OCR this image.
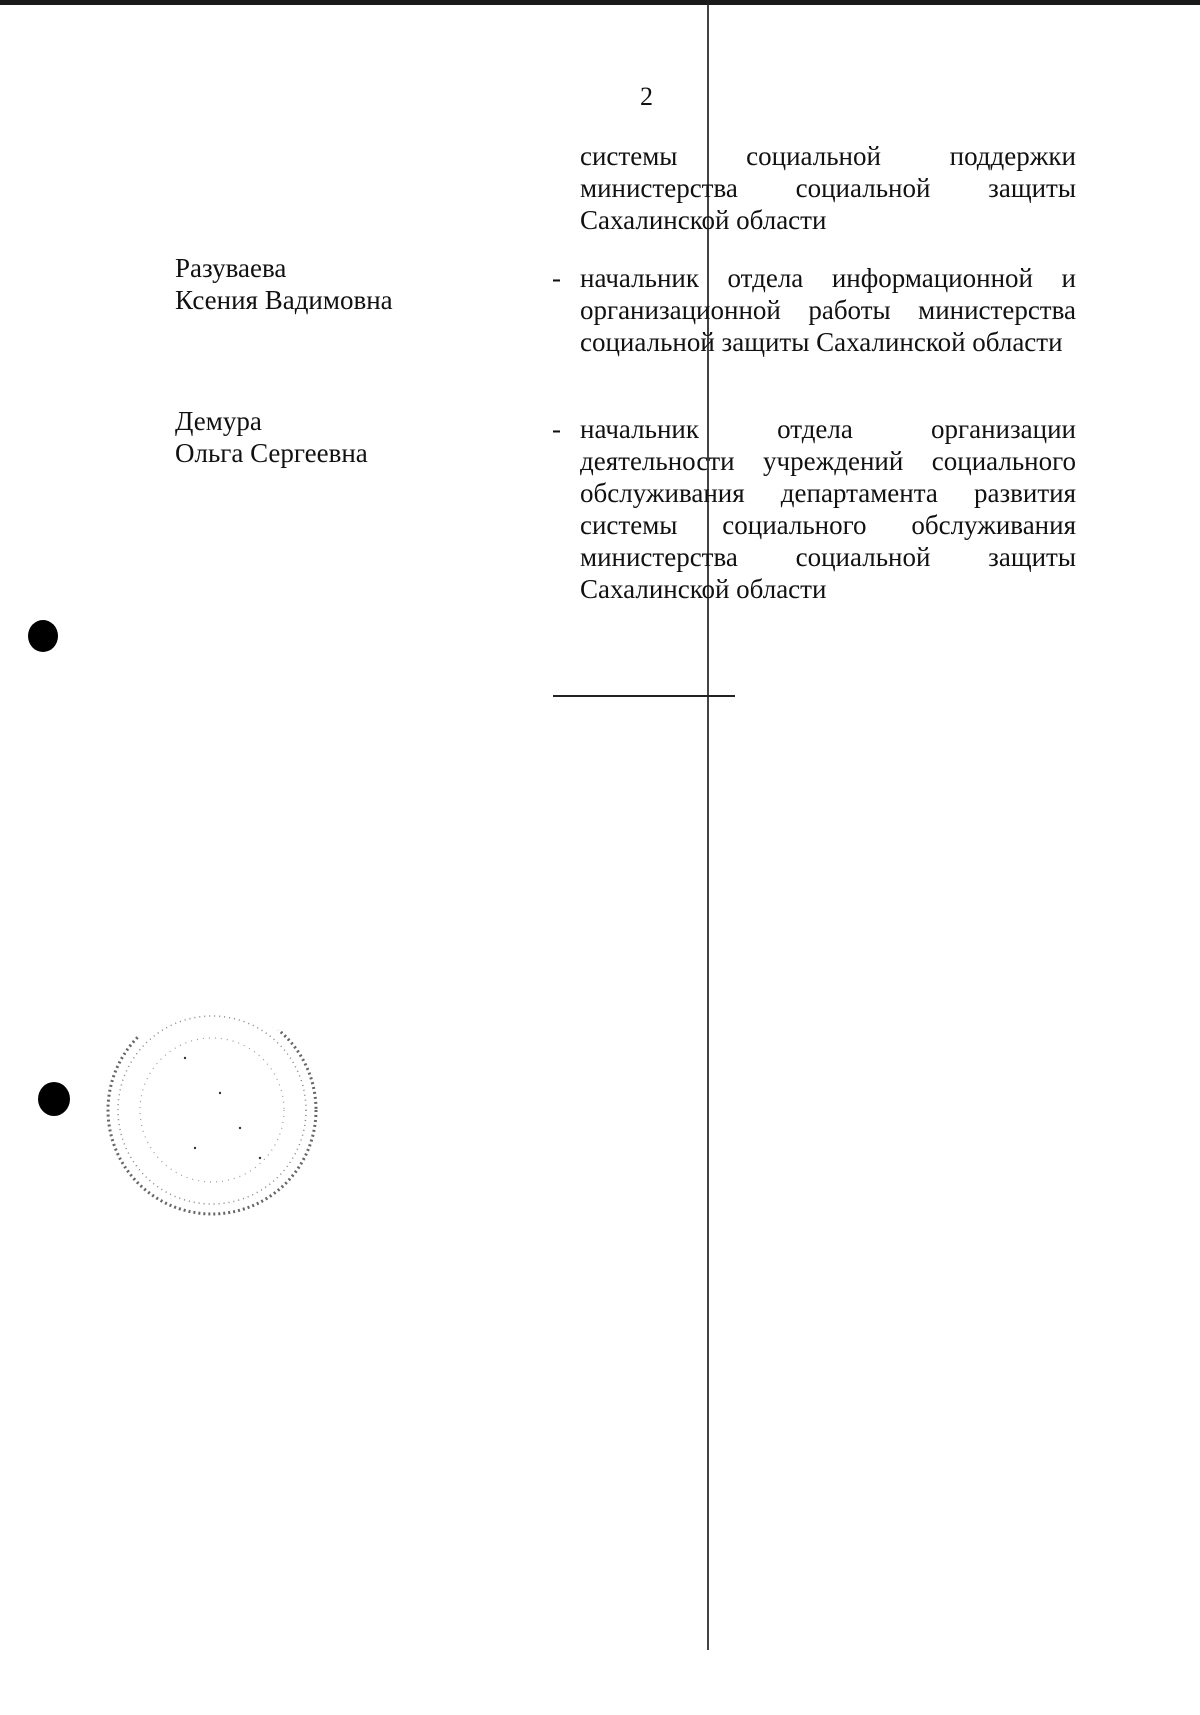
2
системы социальной поддержки министерства социальной защиты Сахалинской области
Разуваева
Ксения Вадимовна
- начальник отдела информационной и организационной работы министерства социальной защиты Сахалинской области
Демура
Ольга Сергеевна
- начальник отдела организации деятельности учреждений социального обслуживания департамента развития системы социального обслуживания министерства социальной защиты Сахалинской области
